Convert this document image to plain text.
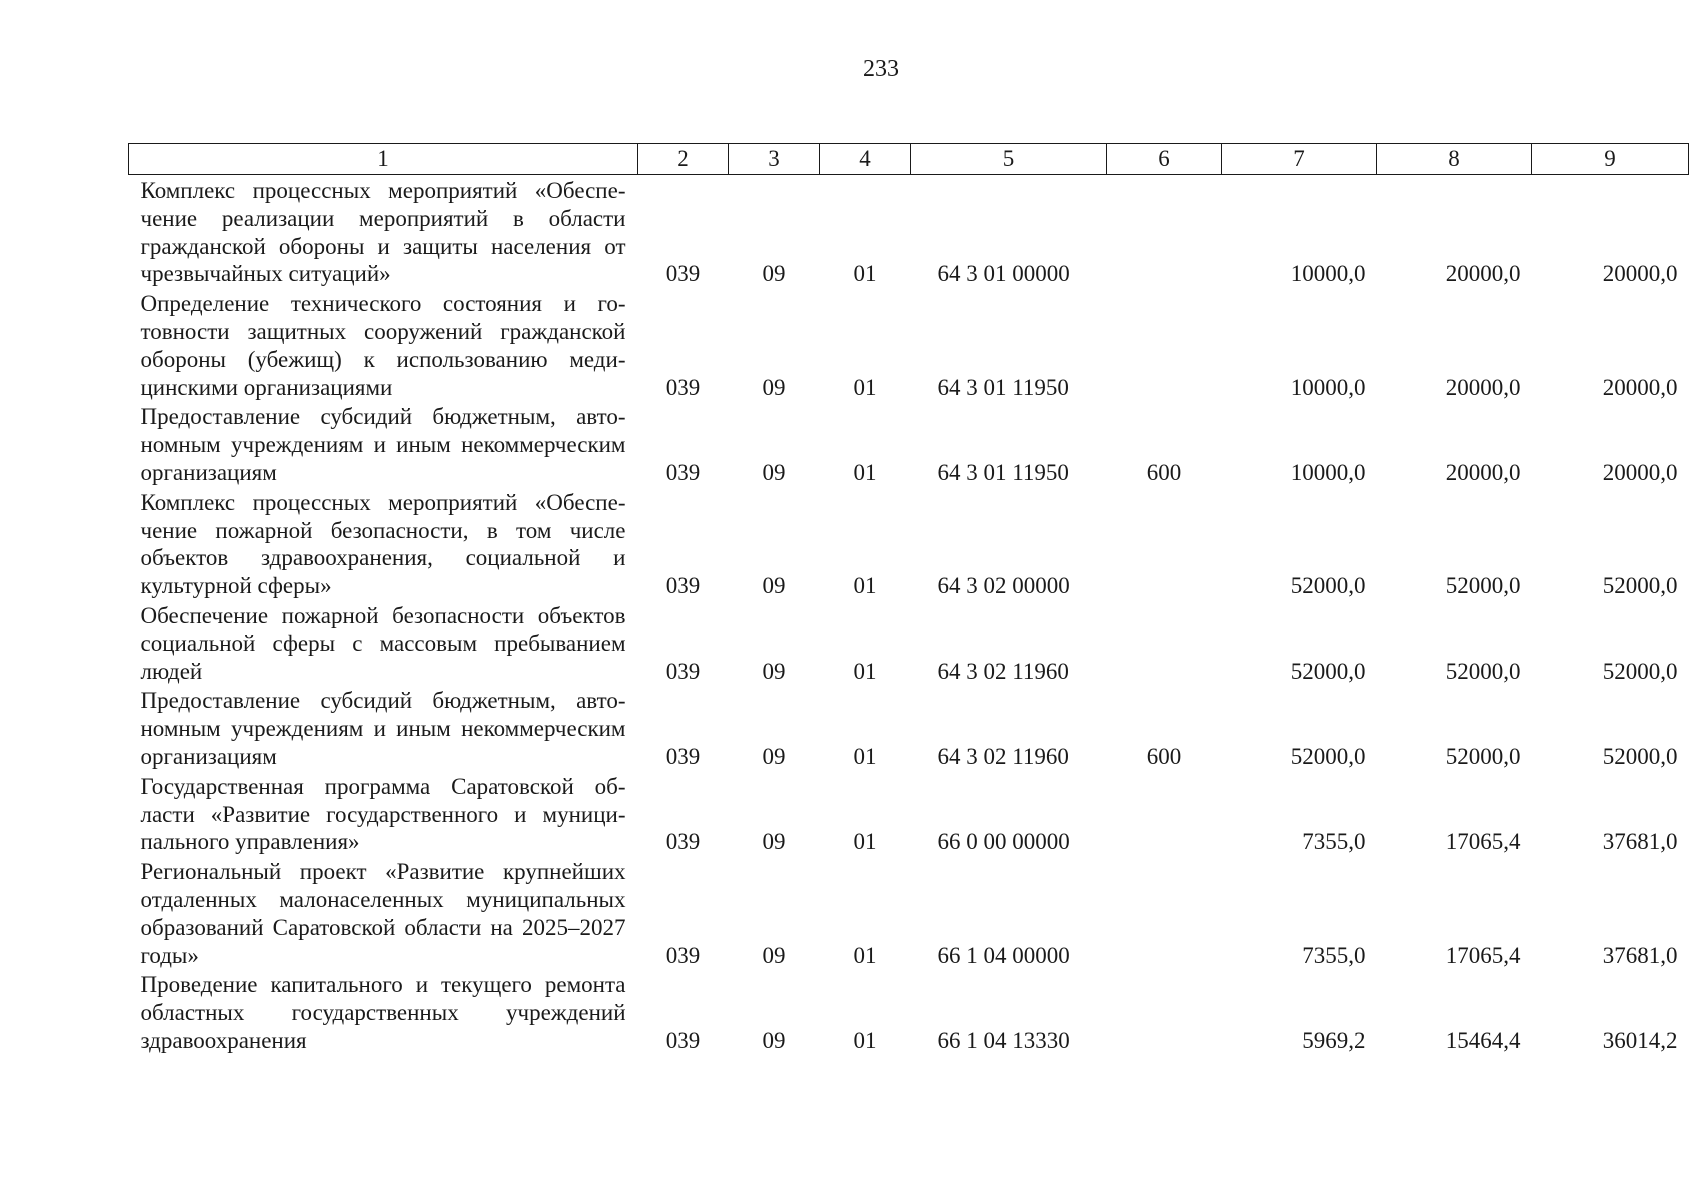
233
1	2	3	4	5	6	7	8	9
Комплекс процессных мероприятий «Обеспечение реализации мероприятий в области гражданской обороны и защиты населения от чрезвычайных ситуаций»	039	09	01	64 3 01 00000		10000,0	20000,0	20000,0
Определение технического состояния и готовности защитных сооружений гражданской обороны (убежищ) к использованию медицинскими организациями	039	09	01	64 3 01 11950		10000,0	20000,0	20000,0
Предоставление субсидий бюджетным, автономным учреждениям и иным некоммерческим организациям	039	09	01	64 3 01 11950	600	10000,0	20000,0	20000,0
Комплекс процессных мероприятий «Обеспечение пожарной безопасности, в том числе объектов здравоохранения, социальной и культурной сферы»	039	09	01	64 3 02 00000		52000,0	52000,0	52000,0
Обеспечение пожарной безопасности объектов социальной сферы с массовым пребыванием людей	039	09	01	64 3 02 11960		52000,0	52000,0	52000,0
Предоставление субсидий бюджетным, автономным учреждениям и иным некоммерческим организациям	039	09	01	64 3 02 11960	600	52000,0	52000,0	52000,0
Государственная программа Саратовской области «Развитие государственного и муниципального управления»	039	09	01	66 0 00 00000		7355,0	17065,4	37681,0
Региональный проект «Развитие крупнейших отдаленных малонаселенных муниципальных образований Саратовской области на 2025–2027 годы»	039	09	01	66 1 04 00000		7355,0	17065,4	37681,0
Проведение капитального и текущего ремонта областных государственных учреждений здравоохранения	039	09	01	66 1 04 13330		5969,2	15464,4	36014,2
